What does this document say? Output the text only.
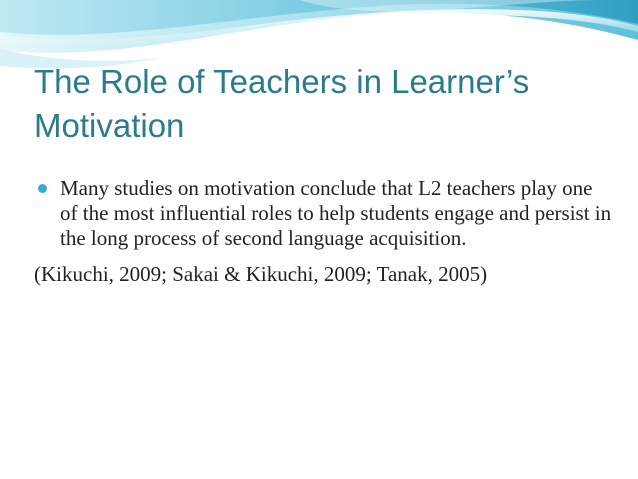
The Role of Teachers in Learner’s Motivation
Many studies on motivation conclude that L2 teachers play one of the most influential roles to help students engage and persist in the long process of second language acquisition.
(Kikuchi, 2009; Sakai & Kikuchi, 2009; Tanak, 2005)
